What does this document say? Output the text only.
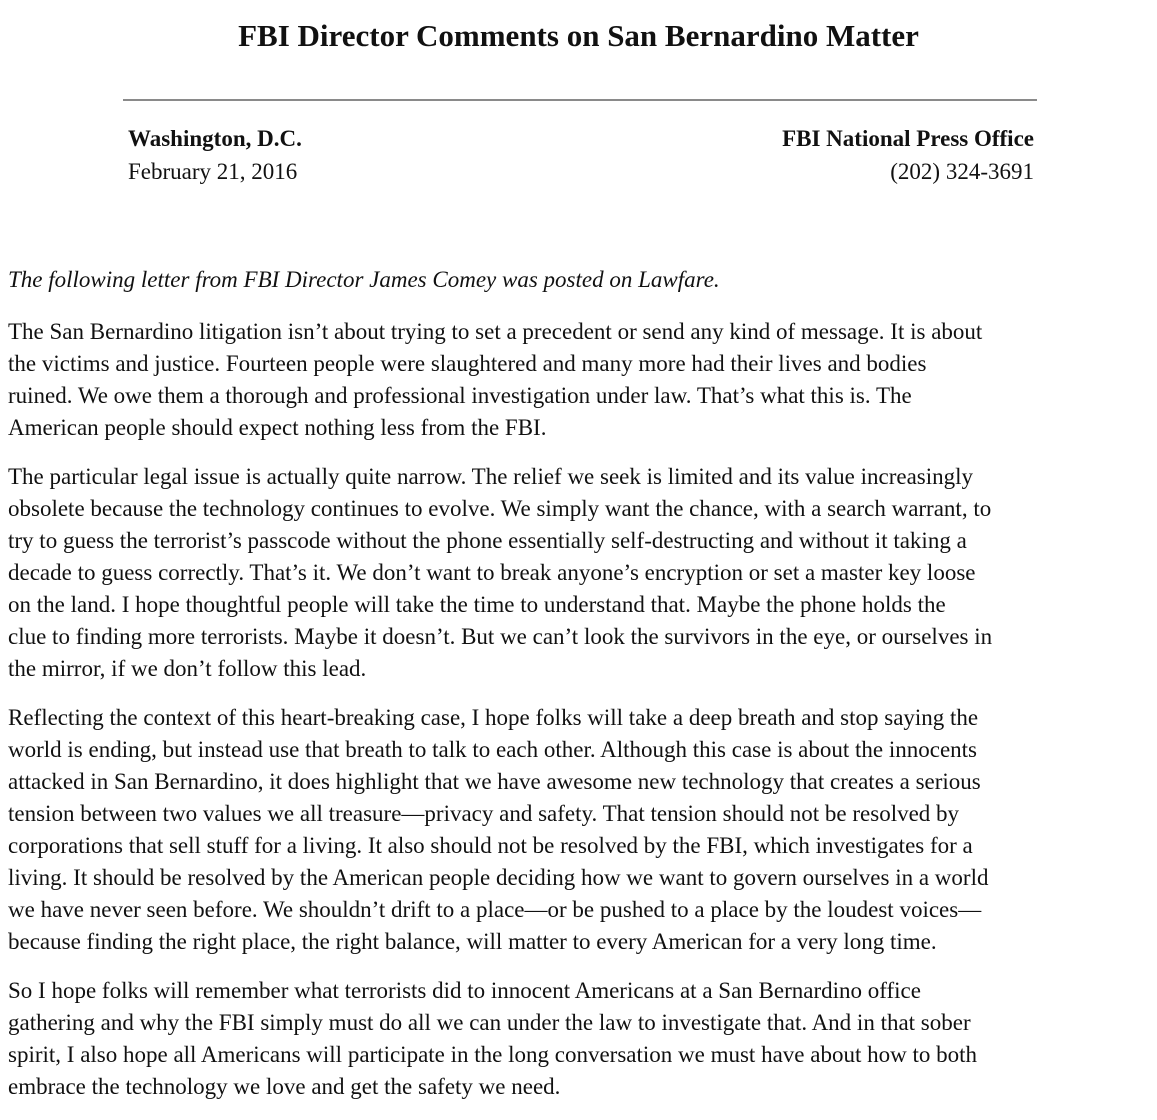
FBI Director Comments on San Bernardino Matter

Washington, D.C.

February 21, 2016

FBI National Press Office

(202) 324-3691

The following letter from FBI Director James Comey was posted on Lawfare.

The San Bernardino litigation isn’t about trying to set a precedent or send any kind of message. It is about
the victims and justice. Fourteen people were slaughtered and many more had their lives and bodies
ruined. We owe them a thorough and professional investigation under law. That’s what this is. The
American people should expect nothing less from the FBI.

The particular legal issue is actually quite narrow. The relief we seek is limited and its value increasingly
obsolete because the technology continues to evolve. We simply want the chance, with a search warrant, to
try to guess the terrorist’s passcode without the phone essentially self-destructing and without it taking a
decade to guess correctly. That’s it. We don’t want to break anyone’s encryption or set a master key loose
on the land. I hope thoughtful people will take the time to understand that. Maybe the phone holds the
clue to finding more terrorists. Maybe it doesn’t. But we can’t look the survivors in the eye, or ourselves in
the mirror, if we don’t follow this lead.

Reflecting the context of this heart-breaking case, I hope folks will take a deep breath and stop saying the
world is ending, but instead use that breath to talk to each other. Although this case is about the innocents
attacked in San Bernardino, it does highlight that we have awesome new technology that creates a serious
tension between two values we all treasure—privacy and safety. That tension should not be resolved by
corporations that sell stuff for a living. It also should not be resolved by the FBI, which investigates for a
living. It should be resolved by the American people deciding how we want to govern ourselves in a world
we have never seen before. We shouldn’t drift to a place—or be pushed to a place by the loudest voices—
because finding the right place, the right balance, will matter to every American for a very long time.

So I hope folks will remember what terrorists did to innocent Americans at a San Bernardino office
gathering and why the FBI simply must do all we can under the law to investigate that. And in that sober
spirit, I also hope all Americans will participate in the long conversation we must have about how to both
embrace the technology we love and get the safety we need.
